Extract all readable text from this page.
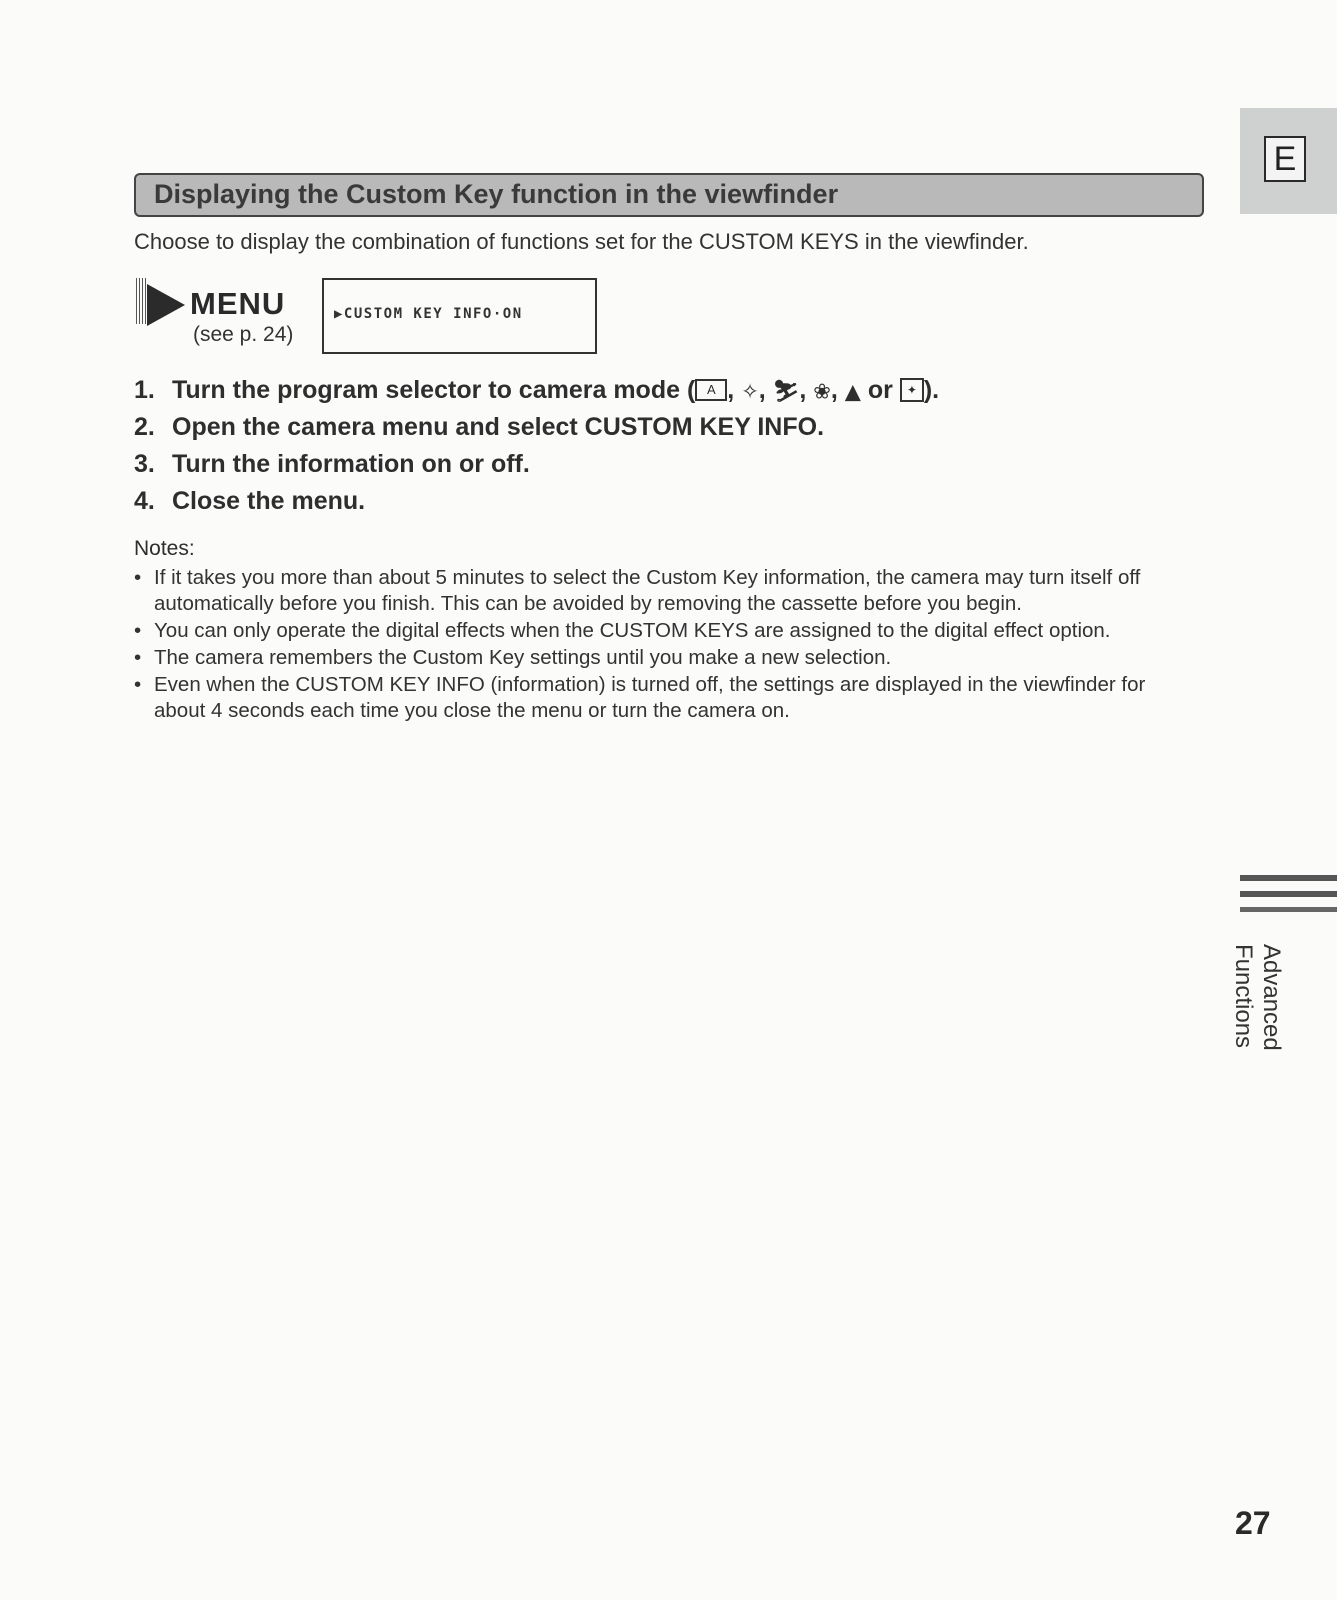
E
Displaying the Custom Key function in the viewfinder
Choose to display the combination of functions set for the CUSTOM KEYS in the viewfinder.
MENU
(see p. 24)
▶CUSTOM KEY INFO·ON
1. Turn the program selector to camera mode ( A , ✧, ⛷, ❀, ▲ or ✦ ).
2. Open the camera menu and select CUSTOM KEY INFO.
3. Turn the information on or off.
4. Close the menu.
Notes:
• If it takes you more than about 5 minutes to select the Custom Key information, the camera may turn itself off automatically before you finish. This can be avoided by removing the cassette before you begin.
• You can only operate the digital effects when the CUSTOM KEYS are assigned to the digital effect option.
• The camera remembers the Custom Key settings until you make a new selection.
• Even when the CUSTOM KEY INFO (information) is turned off, the settings are displayed in the viewfinder for about 4 seconds each time you close the menu or turn the camera on.
Advanced
Functions
27
